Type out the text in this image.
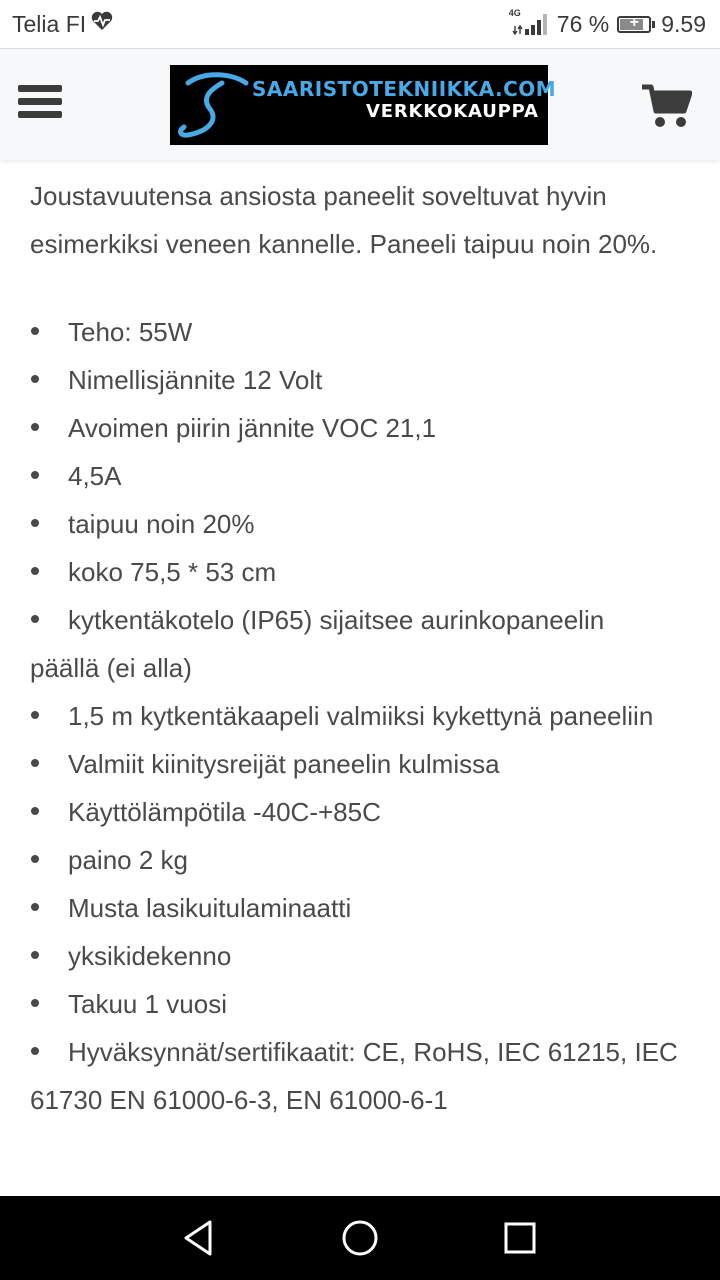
Telia FI	4G 76 %	+ 9.59
SAARISTOTEKNIIKKA.COM
VERKKOKAUPPA

Joustavuutensa ansiosta paneelit soveltuvat hyvin esimerkiksi veneen kannelle. Paneeli taipuu noin 20%.

Teho: 55W
Nimellisjännite 12 Volt
Avoimen piirin jännite VOC 21,1
4,5A
taipuu noin 20%
koko 75,5 * 53 cm
kytkentäkotelo (IP65) sijaitsee aurinkopaneelin päällä (ei alla)
1,5 m kytkentäkaapeli valmiiksi kykettynä paneeliin
Valmiit kiinitysreijät paneelin kulmissa
Käyttölämpötila -40C-+85C
paino 2 kg
Musta lasikuitulaminaatti
yksikidekenno
Takuu 1 vuosi
Hyväksynnät/sertifikaatit: CE, RoHS, IEC 61215, IEC 61730 EN 61000-6-3, EN 61000-6-1
